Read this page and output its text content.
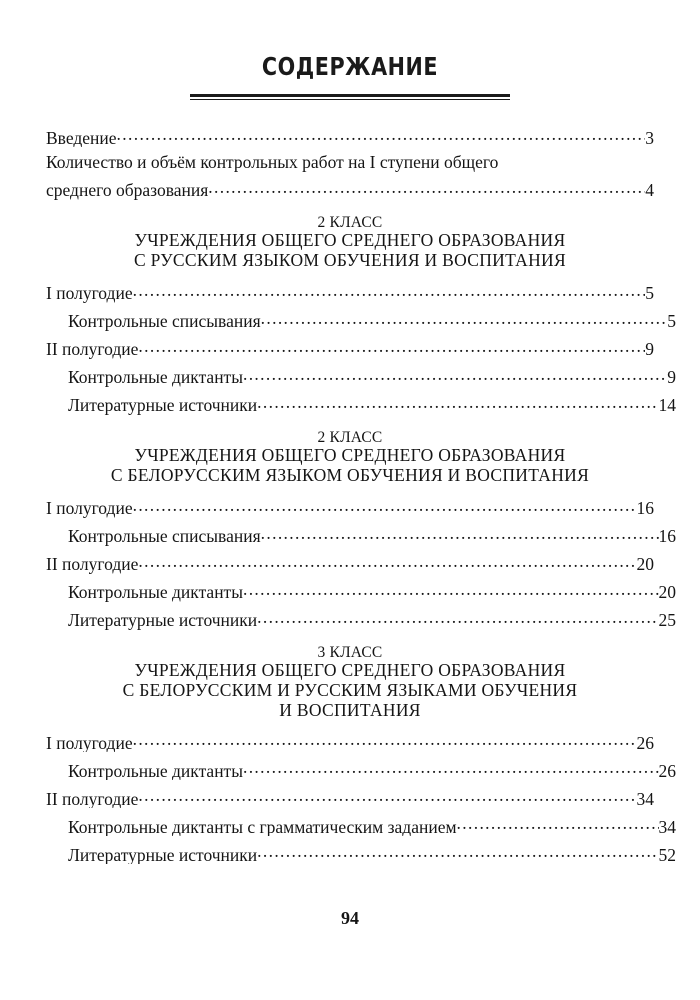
СОДЕРЖАНИЕ
Введение .....	3
Количество и объём контрольных работ на I ступени общего
среднего образования .....	4
2 КЛАСС
УЧРЕЖДЕНИЯ ОБЩЕГО СРЕДНЕГО ОБРАЗОВАНИЯ
С РУССКИМ ЯЗЫКОМ ОБУЧЕНИЯ И ВОСПИТАНИЯ
I полугодие .....	5
Контрольные списывания .....	5
II полугодие .....	9
Контрольные диктанты .....	9
Литературные источники .....	14
2 КЛАСС
УЧРЕЖДЕНИЯ ОБЩЕГО СРЕДНЕГО ОБРАЗОВАНИЯ
С БЕЛОРУССКИМ ЯЗЫКОМ ОБУЧЕНИЯ И ВОСПИТАНИЯ
I полугодие .....	16
Контрольные списывания .....	16
II полугодие .....	20
Контрольные диктанты .....	20
Литературные источники .....	25
3 КЛАСС
УЧРЕЖДЕНИЯ ОБЩЕГО СРЕДНЕГО ОБРАЗОВАНИЯ
С БЕЛОРУССКИМ И РУССКИМ ЯЗЫКАМИ ОБУЧЕНИЯ
И ВОСПИТАНИЯ
I полугодие .....	26
Контрольные диктанты .....	26
II полугодие .....	34
Контрольные диктанты с грамматическим заданием .....	34
Литературные источники .....	52
94
